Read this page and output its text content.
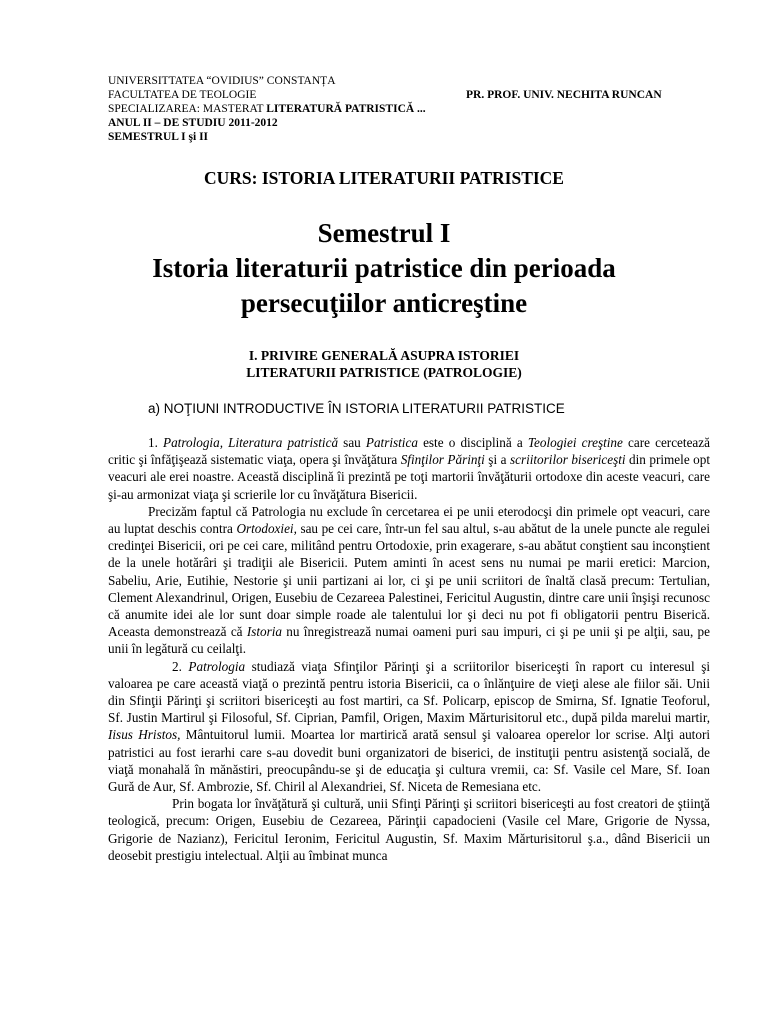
UNIVERSITTATEA “OVIDIUS” CONSTANȚA
FACULTATEA DE TEOLOGIE	PR. PROF. UNIV. NECHITA RUNCAN
SPECIALIZAREA: MASTERAT LITERATURĂ PATRISTICĂ ...
ANUL II – DE STUDIU 2011-2012
SEMESTRUL I şi II
CURS: ISTORIA LITERATURII PATRISTICE
Semestrul I
Istoria literaturii patristice din perioada
persecuţiilor anticreştine
I. PRIVIRE GENERALĂ ASUPRA ISTORIEI
LITERATURII PATRISTICE (PATROLOGIE)
a) NOŢIUNI INTRODUCTIVE ÎN ISTORIA LITERATURII PATRISTICE

1. Patrologia, Literatura patristică sau Patristica este o disciplină a Teologiei creştine care cercetează critic şi înfăţişează sistematic viaţa, opera şi învăţătura Sfinţilor Părinţi şi a scriitorilor bisericeşti din primele opt veacuri ale erei noastre. Această disciplină îi prezintă pe toţi martorii învăţăturii ortodoxe din aceste veacuri, care şi-au armonizat viaţa şi scrierile lor cu învăţătura Bisericii.

Precizăm faptul că Patrologia nu exclude în cercetarea ei pe unii eterodocşi din primele opt veacuri, care au luptat deschis contra Ortodoxiei, sau pe cei care, într-un fel sau altul, s-au abătut de la unele puncte ale regulei credinţei Bisericii, ori pe cei care, militând pentru Ortodoxie, prin exagerare, s-au abătut conştient sau inconştient de la unele hotărâri şi tradiţii ale Bisericii. Putem aminti în acest sens nu numai pe marii eretici: Marcion, Sabeliu, Arie, Eutihie, Nestorie şi unii partizani ai lor, ci şi pe unii scriitori de înaltă clasă precum: Tertulian, Clement Alexandrinul, Origen, Eusebiu de Cezareea Palestinei, Fericitul Augustin, dintre care unii înşişi recunosc că anumite idei ale lor sunt doar simple roade ale talentului lor şi deci nu pot fi obligatorii pentru Biserică. Aceasta demonstrează că Istoria nu înregistrează numai oameni puri sau impuri, ci şi pe unii şi pe alţii, sau, pe unii în legătură cu ceilalţi.

2. Patrologia studiază viaţa Sfinţilor Părinţi şi a scriitorilor bisericeşti în raport cu interesul şi valoarea pe care această viaţă o prezintă pentru istoria Bisericii, ca o înlănţuire de vieţi alese ale fiilor săi. Unii din Sfinţii Părinţi şi scriitori bisericeşti au fost martiri, ca Sf. Policarp, episcop de Smirna, Sf. Ignatie Teoforul, Sf. Justin Martirul şi Filosoful, Sf. Ciprian, Pamfil, Origen, Maxim Mărturisitorul etc., după pilda marelui martir, Iisus Hristos, Mântuitorul lumii. Moartea lor martirică arată sensul şi valoarea operelor lor scrise. Alţi autori patristici au fost ierarhi care s-au dovedit buni organizatori de biserici, de instituţii pentru asistenţă socială, de viaţă monahală în mănăstiri, preocupându-se şi de educaţia şi cultura vremii, ca: Sf. Vasile cel Mare, Sf. Ioan Gură de Aur, Sf. Ambrozie, Sf. Chiril al Alexandriei, Sf. Niceta de Remesiana etc.

Prin bogata lor învăţătură şi cultură, unii Sfinţi Părinţi şi scriitori bisericeşti au fost creatori de ştiinţă teologică, precum: Origen, Eusebiu de Cezareea, Părinţii capadocieni (Vasile cel Mare, Grigorie de Nyssa, Grigorie de Nazianz), Fericitul Ieronim, Fericitul Augustin, Sf. Maxim Mărturisitorul ş.a., dând Bisericii un deosebit prestigiu intelectual. Alţii au îmbinat munca
